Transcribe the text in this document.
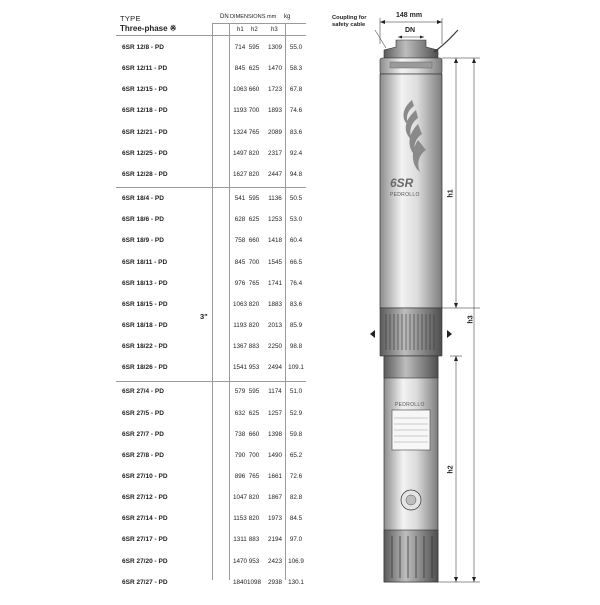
TYPE
Three-phase ※
DN DIMENSIONS mm kg
h1 h2 h3
3"
6SR 12/8 - PD	714 595	1309	55.0
6SR 12/11 - PD	845 625	1470	58.3
6SR 12/15 - PD	1063 660	1723	67.8
6SR 12/18 - PD	1193 700	1893	74.6
6SR 12/21 - PD	1324 765	2089	83.6
6SR 12/25 - PD	1497 820	2317	92.4
6SR 12/28 - PD	1627 820	2447	94.8
6SR 18/4 - PD	541 595	1136	50.5
6SR 18/6 - PD	628 625	1253	53.0
6SR 18/9 - PD	758 660	1418	60.4
6SR 18/11 - PD	845 700	1545	66.5
6SR 18/13 - PD	976 765	1741	76.4
6SR 18/15 - PD	1063 820	1883	83.6
6SR 18/18 - PD	1193 820	2013	85.9
6SR 18/22 - PD	1367 883	2250	98.8
6SR 18/26 - PD	1541 953	2494 109.1
6SR 27/4 - PD	579 595	1174	51.0
6SR 27/5 - PD	632 625	1257	52.9
6SR 27/7 - PD	738 660	1398	59.8
6SR 27/8 - PD	790 700	1490	65.2
6SR 27/10 - PD	896 765	1661	72.6
6SR 27/12 - PD	1047 820	1867	82.8
6SR 27/14 - PD	1153 820	1973	84.5
6SR 27/17 - PD	1311 883	2194	97.0
6SR 27/20 - PD	1470 953	2423 106.9
6SR 27/27 - PD	1840 1098	2938 130.1
Coupling for safety cable
148 mm
DN
6SR
PEDROLLO
PEDROLLO
h1
h3
h2
